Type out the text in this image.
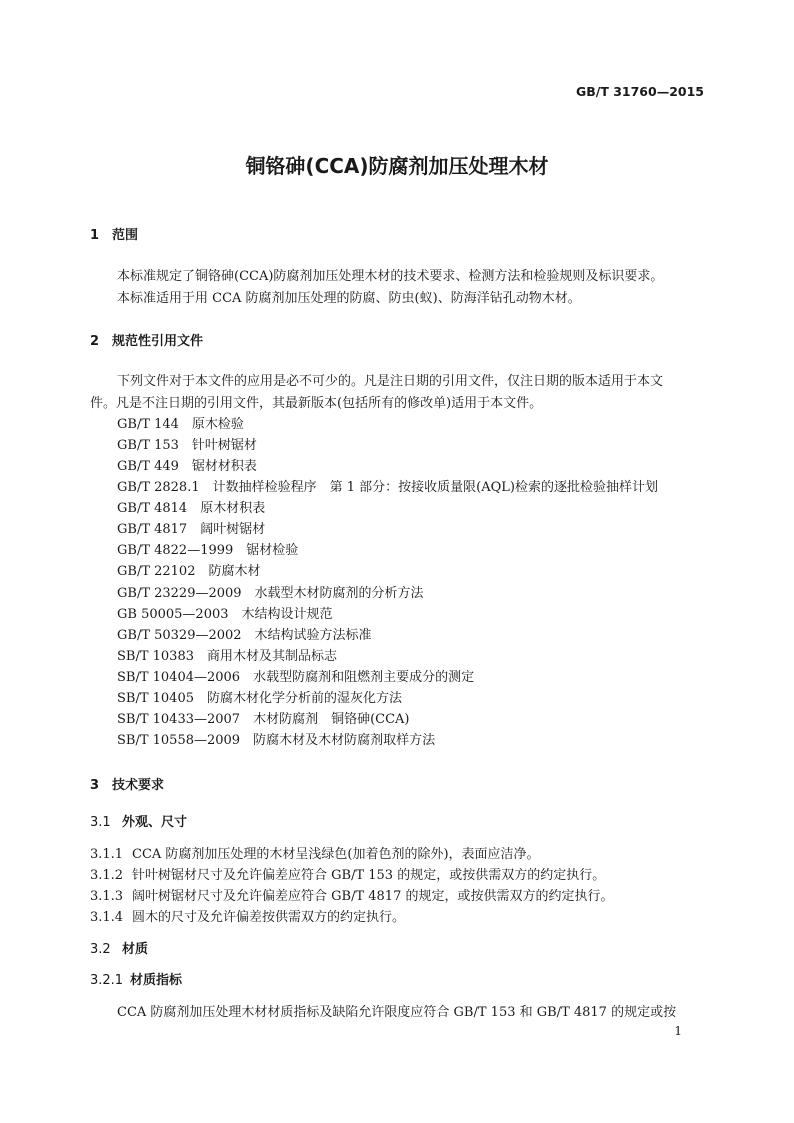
GB/T 31760—2015
铜铬砷(CCA)防腐剂加压处理木材
1 范围
本标准规定了铜铬砷(CCA)防腐剂加压处理木材的技术要求、检测方法和检验规则及标识要求。
本标准适用于用 CCA 防腐剂加压处理的防腐、防虫(蚁)、防海洋钻孔动物木材。
2 规范性引用文件
下列文件对于本文件的应用是必不可少的。凡是注日期的引用文件，仅注日期的版本适用于本文
件。凡是不注日期的引用文件，其最新版本(包括所有的修改单)适用于本文件。
GB/T 144　原木检验
GB/T 153　针叶树锯材
GB/T 449　锯材材积表
GB/T 2828.1　计数抽样检验程序　第 1 部分：按接收质量限(AQL)检索的逐批检验抽样计划
GB/T 4814　原木材积表
GB/T 4817　阔叶树锯材
GB/T 4822—1999　锯材检验
GB/T 22102　防腐木材
GB/T 23229—2009　水载型木材防腐剂的分析方法
GB 50005—2003　木结构设计规范
GB/T 50329—2002　木结构试验方法标准
SB/T 10383　商用木材及其制品标志
SB/T 10404—2006　水载型防腐剂和阻燃剂主要成分的测定
SB/T 10405　防腐木材化学分析前的湿灰化方法
SB/T 10433—2007　木材防腐剂　铜铬砷(CCA)
SB/T 10558—2009　防腐木材及木材防腐剂取样方法
3 技术要求
3.1 外观、尺寸
3.1.1 CCA 防腐剂加压处理的木材呈浅绿色(加着色剂的除外)，表面应洁净。
3.1.2 针叶树锯材尺寸及允许偏差应符合 GB/T 153 的规定，或按供需双方的约定执行。
3.1.3 阔叶树锯材尺寸及允许偏差应符合 GB/T 4817 的规定，或按供需双方的约定执行。
3.1.4 圆木的尺寸及允许偏差按供需双方的约定执行。
3.2 材质
3.2.1 材质指标
CCA 防腐剂加压处理木材材质指标及缺陷允许限度应符合 GB/T 153 和 GB/T 4817 的规定或按
1
